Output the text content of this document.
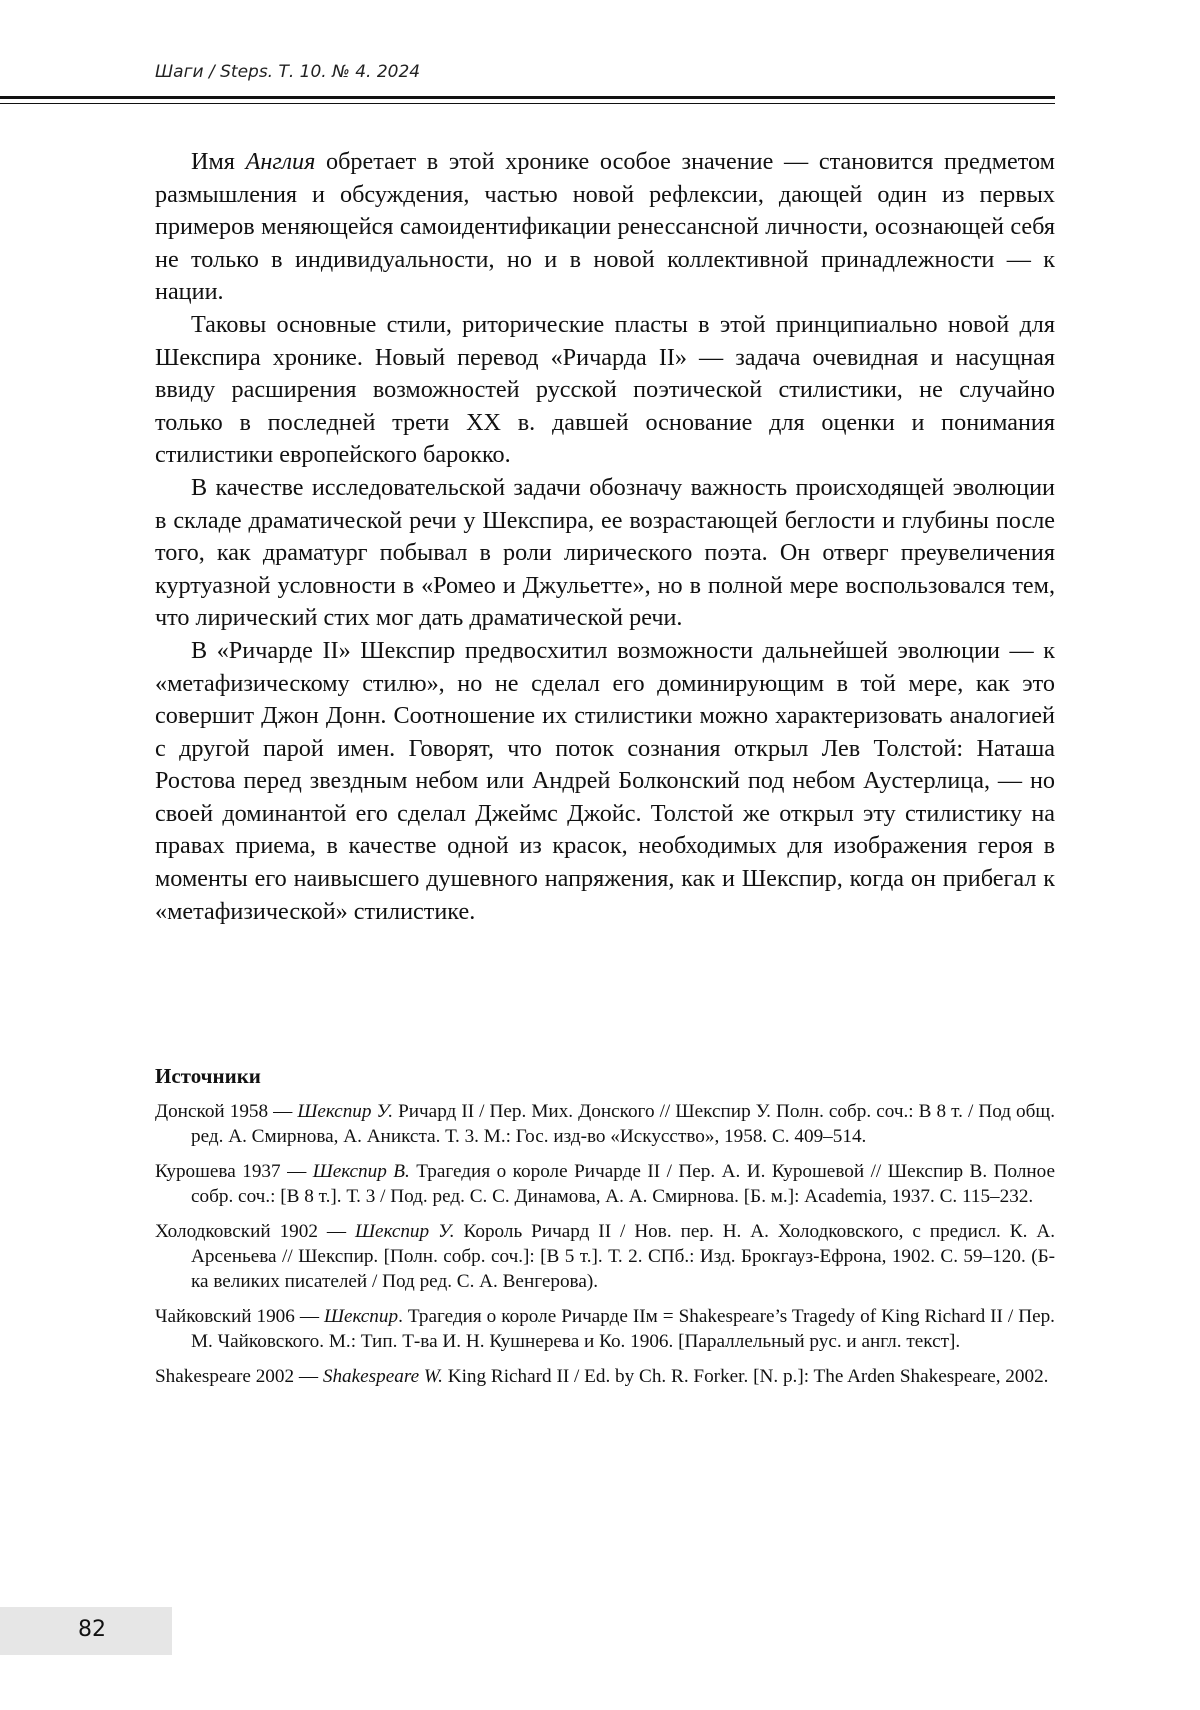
Шаги / Steps. Т. 10. № 4. 2024

Имя Англия обретает в этой хронике особое значение — становится предметом размышления и обсуждения, частью новой рефлексии, дающей один из первых примеров меняющейся самоидентификации ренессансной личности, осознающей себя не только в индивидуальности, но и в новой коллективной принадлежности — к нации.

Таковы основные стили, риторические пласты в этой принципиально новой для Шекспира хронике. Новый перевод «Ричарда II» — задача очевидная и насущная ввиду расширения возможностей русской поэтической стилистики, не случайно только в последней трети XX в. давшей основание для оценки и понимания стилистики европейского барокко.

В качестве исследовательской задачи обозначу важность происходящей эволюции в складе драматической речи у Шекспира, ее возрастающей беглости и глубины после того, как драматург побывал в роли лирического поэта. Он отверг преувеличения куртуазной условности в «Ромео и Джульетте», но в полной мере воспользовался тем, что лирический стих мог дать драматической речи.

В «Ричарде II» Шекспир предвосхитил возможности дальнейшей эволюции — к «метафизическому стилю», но не сделал его доминирующим в той мере, как это совершит Джон Донн. Соотношение их стилистики можно характеризовать аналогией с другой парой имен. Говорят, что поток сознания открыл Лев Толстой: Наташа Ростова перед звездным небом или Андрей Болконский под небом Аустерлица, — но своей доминантой его сделал Джеймс Джойс. Толстой же открыл эту стилистику на правах приема, в качестве одной из красок, необходимых для изображения героя в моменты его наивысшего душевного напряжения, как и Шекспир, когда он прибегал к «метафизической» стилистике.

Источники
Донской 1958 — Шекспир У. Ричард II / Пер. Мих. Донского // Шекспир У. Полн. собр. соч.: В 8 т. / Под общ. ред. А. Смирнова, А. Аникста. Т. 3. М.: Гос. изд-во «Искусство», 1958. С. 409–514.
Курошева 1937 — Шекспир В. Трагедия о короле Ричарде II / Пер. А. И. Курошевой // Шекспир В. Полное собр. соч.: [В 8 т.]. Т. 3 / Под. ред. С. С. Динамова, А. А. Смирнова. [Б. м.]: Academia, 1937. С. 115–232.
Холодковский 1902 — Шекспир У. Король Ричард II / Нов. пер. Н. А. Холодковского, с предисл. К. А. Арсеньева // Шекспир. [Полн. собр. соч.]: [В 5 т.]. Т. 2. СПб.: Изд. Брокгауз-Ефрона, 1902. С. 59–120. (Б-ка великих писателей / Под ред. С. А. Венгерова).
Чайковский 1906 — Шекспир. Трагедия о короле Ричарде IIм = Shakespeare’s Tragedy of King Richard II / Пер. М. Чайковского. М.: Тип. Т-ва И. Н. Кушнерева и Ко. 1906. [Параллельный рус. и англ. текст].
Shakespeare 2002 — Shakespeare W. King Richard II / Ed. by Ch. R. Forker. [N. p.]: The Arden Shakespeare, 2002.
82
